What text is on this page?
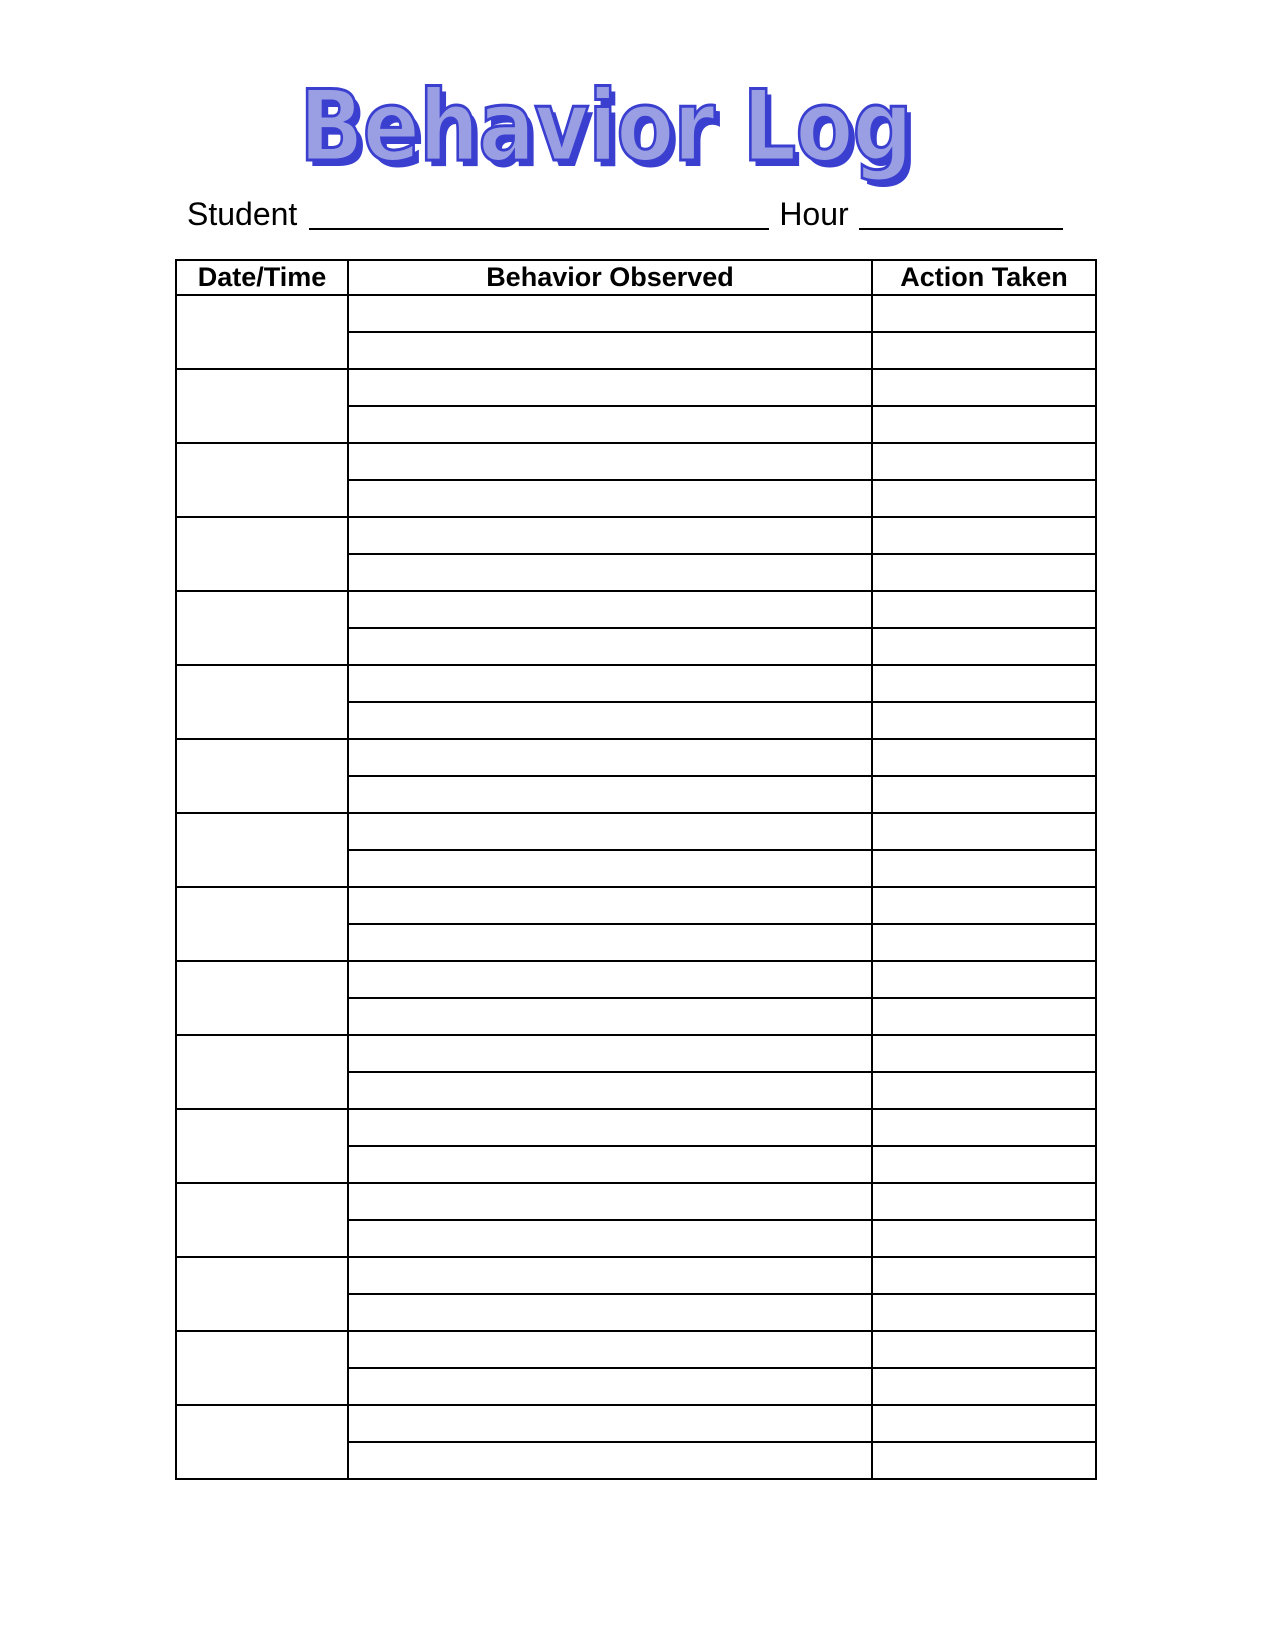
Behavior Log
Student	Hour
Date/Time	Behavior Observed	Action Taken
